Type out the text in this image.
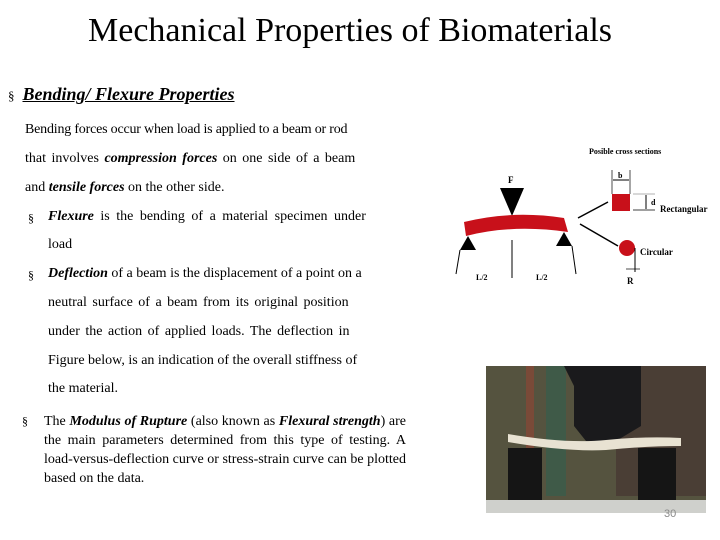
Mechanical Properties of Biomaterials
§ Bending/ Flexure Properties
Bending forces occur when load is applied to a beam or rod
that involves compression forces on one side of a beam
and tensile forces on the other side.
§ Flexure is the bending of a material specimen under
load
§ Deflection of a beam is the displacement of a point on a
neutral surface of a beam from its original position
under the action of applied loads. The deflection in
Figure below, is an indication of the overall stiffness of
the material.
§ The Modulus of Rupture (also known as Flexural strength) are the main parameters determined from this type of testing. A load-versus-deflection curve or stress-strain curve can be plotted based on the data.
Posible cross sections
F
L/2	L/2
b
d
Rectangular
Circular
R
30
